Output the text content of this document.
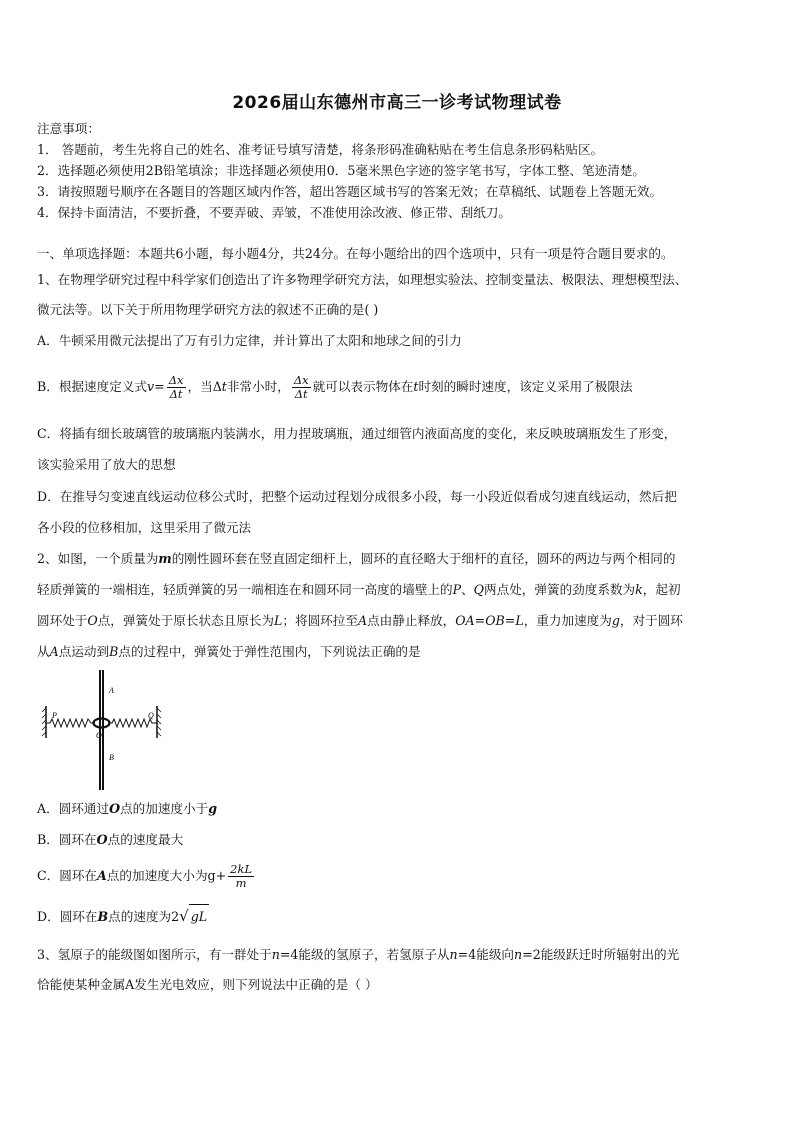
2026届山东德州市高三一诊考试物理试卷
注意事项：
1． 答题前，考生先将自己的姓名、准考证号填写清楚，将条形码准确粘贴在考生信息条形码粘贴区。
2．选择题必须使用2B铅笔填涂；非选择题必须使用0．5毫米黑色字迹的签字笔书写，字体工整、笔迹清楚。
3．请按照题号顺序在各题目的答题区域内作答，超出答题区域书写的答案无效；在草稿纸、试题卷上答题无效。
4．保持卡面清洁，不要折叠，不要弄破、弄皱，不准使用涂改液、修正带、刮纸刀。
一、单项选择题：本题共6小题，每小题4分，共24分。在每小题给出的四个选项中，只有一项是符合题目要求的。
1、在物理学研究过程中科学家们创造出了许多物理学研究方法，如理想实验法、控制变量法、极限法、理想模型法、
微元法等。以下关于所用物理学研究方法的叙述不正确的是( )
A．牛顿采用微元法提出了万有引力定律，并计算出了太阳和地球之间的引力
B．根据速度定义式$v= \frac{\Delta x}{\Delta t}$ ，当Δt非常小时， $\frac{\Delta x}{\Delta t}$ 就可以表示物体在t时刻的瞬时速度，该定义采用了极限法
C．将插有细长玻璃管的玻璃瓶内装满水，用力捏玻璃瓶，通过细管内液面高度的变化，来反映玻璃瓶发生了形变，
该实验采用了放大的思想
D．在推导匀变速直线运动位移公式时，把整个运动过程划分成很多小段，每一小段近似看成匀速直线运动，然后把
各小段的位移相加，这里采用了微元法
2、如图，一个质量为m的刚性圆环套在竖直固定细杆上，圆环的直径略大于细杆的直径，圆环的两边与两个相同的
轻质弹簧的一端相连，轻质弹簧的另一端相连在和圆环同一高度的墙壁上的P、Q两点处，弹簧的劲度系数为k，起初
圆环处于O点，弹簧处于原长状态且原长为L；将圆环拉至A点由静止释放，OA=OB=L，重力加速度为g，对于圆环
从A点运动到B点的过程中，弹簧处于弹性范围内，下列说法正确的是
P	Q
A
O
B
A．圆环通过O点的加速度小于g
B．圆环在O点的速度最大
C．圆环在A点的加速度大小为$g+ \frac{2kL}{m}$
D．圆环在B点的速度为2√ gL
3、氢原子的能级图如图所示，有一群处于n=4能级的氢原子，若氢原子从n=4能级向n=2能级跃迁时所辐射出的光
恰能使某种金属A发生光电效应，则下列说法中正确的是（ ）
